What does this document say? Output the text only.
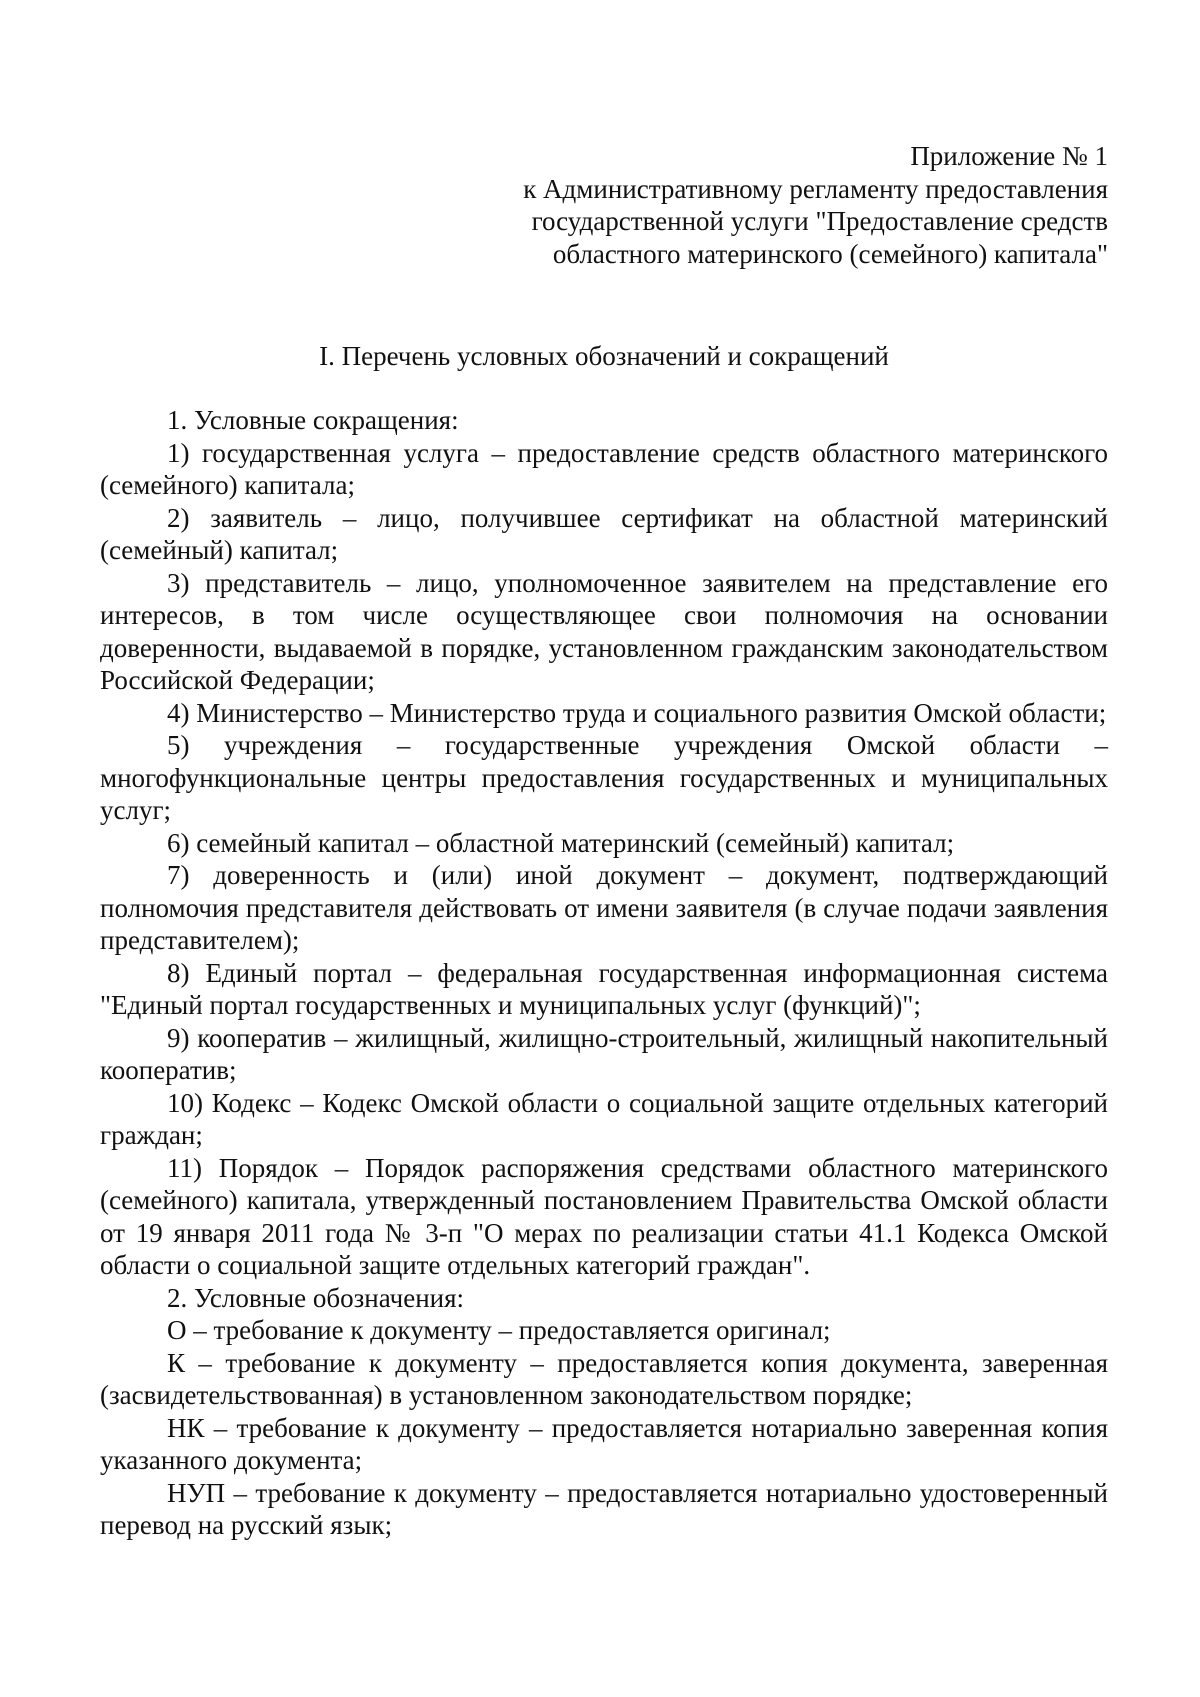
Приложение № 1
к Административному регламенту предоставления
государственной услуги "Предоставление средств
областного материнского (семейного) капитала"
I. Перечень условных обозначений и сокращений

1. Условные сокращения:

1) государственная услуга – предоставление средств областного материнского (семейного) капитала;

2) заявитель – лицо, получившее сертификат на областной материнский (семейный) капитал;

3) представитель – лицо, уполномоченное заявителем на представление его интересов, в том числе осуществляющее свои полномочия на основании доверенности, выдаваемой в порядке, установленном гражданским законодательством Российской Федерации;

4) Министерство – Министерство труда и социального развития Омской области;

5) учреждения – государственные учреждения Омской области – многофункциональные центры предоставления государственных и муниципальных услуг;

6) семейный капитал – областной материнский (семейный) капитал;

7) доверенность и (или) иной документ – документ, подтверждающий полномочия представителя действовать от имени заявителя (в случае подачи заявления представителем);

8) Единый портал – федеральная государственная информационная система "Единый портал государственных и муниципальных услуг (функций)";

9) кооператив – жилищный, жилищно-строительный, жилищный накопительный кооператив;

10) Кодекс – Кодекс Омской области о социальной защите отдельных категорий граждан;

11) Порядок – Порядок распоряжения средствами областного материнского (семейного) капитала, утвержденный постановлением Правительства Омской области от 19 января 2011 года № 3-п "О мерах по реализации статьи 41.1 Кодекса Омской области о социальной защите отдельных категорий граждан".

2. Условные обозначения:

О – требование к документу – предоставляется оригинал;

К – требование к документу – предоставляется копия документа, заверенная (засвидетельствованная) в установленном законодательством порядке;

НК – требование к документу – предоставляется нотариально заверенная копия указанного документа;

НУП – требование к документу – предоставляется нотариально удостоверенный перевод на русский язык;
